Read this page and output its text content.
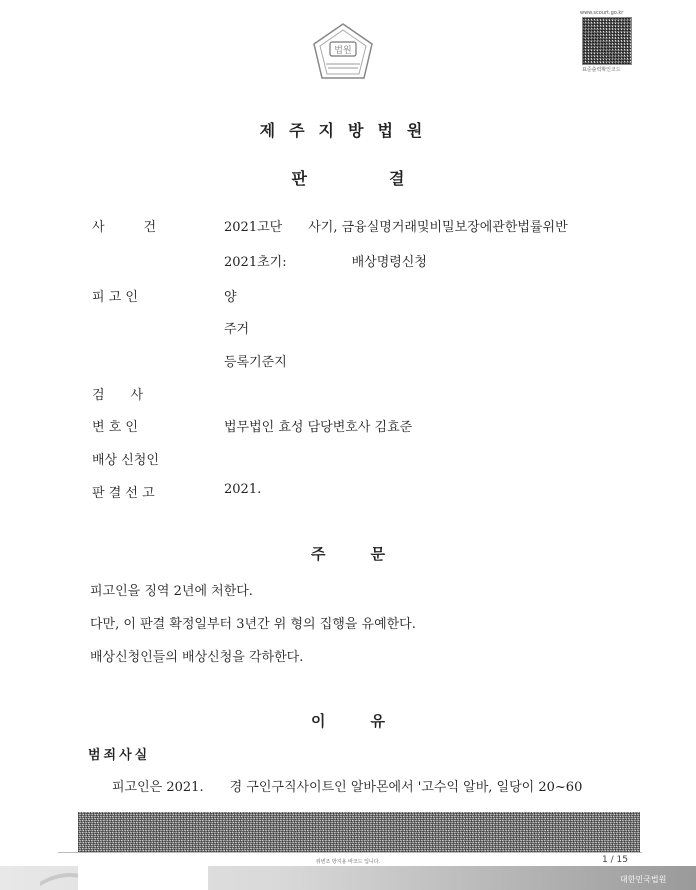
법원
www.scourt.go.kr
표준출력확인코드
제주지방법원
판결
사　　　건	2021고단　　사기, 금융실명거래및비밀보장에관한법률위반
2021초기:　　　　　배상명령신청
피 고 인	양
주거
등록기준지
검　　사
변 호 인	법무법인 효성 담당변호사 김효준
배상 신청인
판 결 선 고	2021.
주　　　문
피고인을 징역 2년에 처한다.
다만, 이 판결 확정일부터 3년간 위 형의 집행을 유예한다.
배상신청인들의 배상신청을 각하한다.
이　　　유
범죄사실
피고인은 2021.　　경 구인구직사이트인 알바몬에서 '고수익 알바, 일당이 20~60
위변조 방지용 바코드 입니다.	1 / 15
대한민국법원
